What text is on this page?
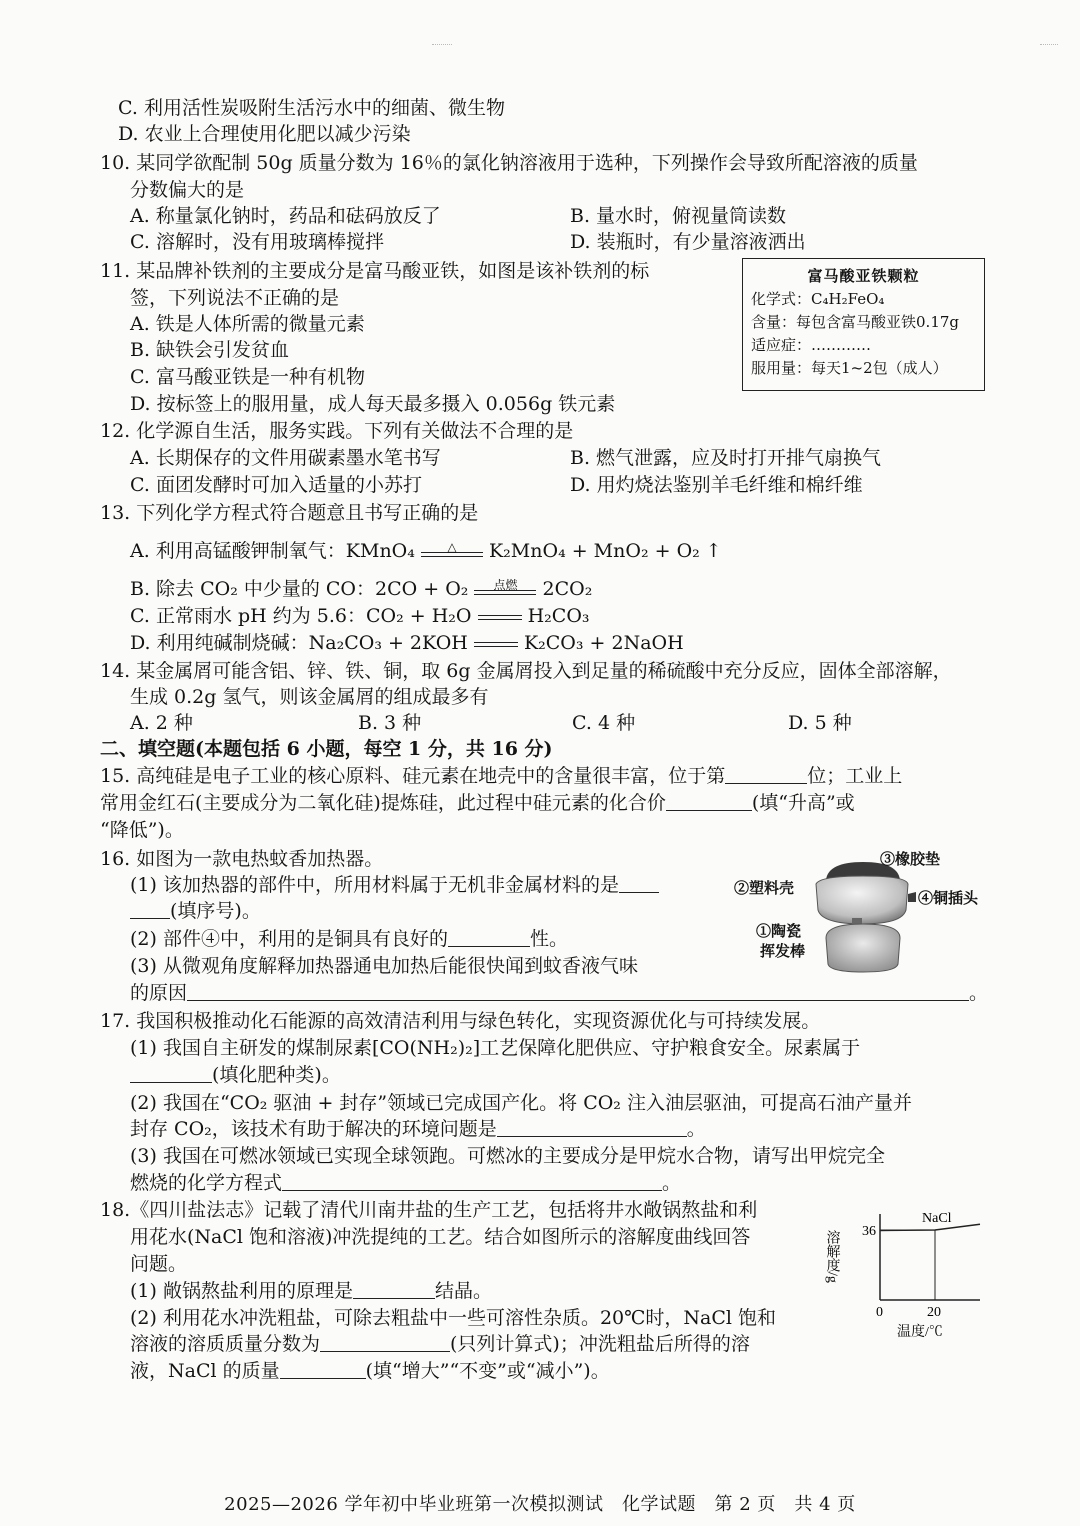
C. 利用活性炭吸附生活污水中的细菌、微生物
D. 农业上合理使用化肥以减少污染
10. 某同学欲配制 50g 质量分数为 16％的氯化钠溶液用于选种，下列操作会导致所配溶液的质量
分数偏大的是
A. 称量氯化钠时，药品和砝码放反了	B. 量水时，俯视量筒读数
C. 溶解时，没有用玻璃棒搅拌	D. 装瓶时，有少量溶液洒出
11. 某品牌补铁剂的主要成分是富马酸亚铁，如图是该补铁剂的标
签，下列说法不正确的是
A. 铁是人体所需的微量元素
B. 缺铁会引发贫血
C. 富马酸亚铁是一种有机物
D. 按标签上的服用量，成人每天最多摄入 0.056g 铁元素
富马酸亚铁颗粒
化学式： C₄H₂FeO₄
含量：每包含富马酸亚铁0.17g
适应症：…………
服用量：每天1~2包（成人）
12. 化学源自生活，服务实践。下列有关做法不合理的是
A. 长期保存的文件用碳素墨水笔书写	B. 燃气泄露，应及时打开排气扇换气
C. 面团发酵时可加入适量的小苏打	D. 用灼烧法鉴别羊毛纤维和棉纤维
13. 下列化学方程式符合题意且书写正确的是
A. 利用高锰酸钾制氧气：KMnO₄	△	K₂MnO₄ + MnO₂ + O₂ ↑
B. 除去 CO₂ 中少量的 CO：2CO + O₂	点燃	2CO₂
C. 正常雨水 pH 约为 5.6：CO₂ + H₂O	H₂CO₃
D. 利用纯碱制烧碱：Na₂CO₃ + 2KOH	K₂CO₃ + 2NaOH
14. 某金属屑可能含铝、锌、铁、铜，取 6g 金属屑投入到足量的稀硫酸中充分反应，固体全部溶解，
生成 0.2g 氢气，则该金属屑的组成最多有
A. 2 种	B. 3 种	C. 4 种	D. 5 种
二、填空题(本题包括 6 小题，每空 1 分，共 16 分)
15. 高纯硅是电子工业的核心原料、硅元素在地壳中的含量很丰富，位于第	位；工业上
常用金红石(主要成分为二氧化硅)提炼硅，此过程中硅元素的化合价	(填“升高”或
“降低”)。
16. 如图为一款电热蚊香加热器。
(1) 该加热器的部件中，所用材料属于无机非金属材料的是
(填序号)。
(2) 部件④中，利用的是铜具有良好的	性。
(3) 从微观角度解释加热器通电加热后能很快闻到蚊香液气味
的原因	。
③橡胶垫
②塑料壳
④铜插头
①陶瓷
挥发棒
17. 我国积极推动化石能源的高效清洁利用与绿色转化，实现资源优化与可持续发展。
(1) 我国自主研发的煤制尿素[CO(NH₂)₂]工艺保障化肥供应、守护粮食安全。尿素属于
(填化肥种类)。
(2) 我国在“CO₂ 驱油 + 封存”领域已完成国产化。将 CO₂ 注入油层驱油，可提高石油产量并
封存 CO₂，该技术有助于解决的环境问题是	。
(3) 我国在可燃冰领域已实现全球领跑。可燃冰的主要成分是甲烷水合物，请写出甲烷完全
燃烧的化学方程式	。
18.《四川盐法志》记载了清代川南井盐的生产工艺，包括将井水敞锅熬盐和利
用花水(NaCl 饱和溶液)冲洗提纯的工艺。结合如图所示的溶解度曲线回答
问题。
(1) 敞锅熬盐利用的原理是	结晶。
(2) 利用花水冲洗粗盐，可除去粗盐中一些可溶性杂质。20℃时，NaCl 饱和
溶液的溶质质量分数为	(只列计算式)；冲洗粗盐后所得的溶
液，NaCl 的质量	(填“增大”“不变”或“减小”)。
NaCl
36
0	20
溶解度/g
温度/℃
2025—2026 学年初中毕业班第一次模拟测试　化学试题　第 2 页　共 4 页
